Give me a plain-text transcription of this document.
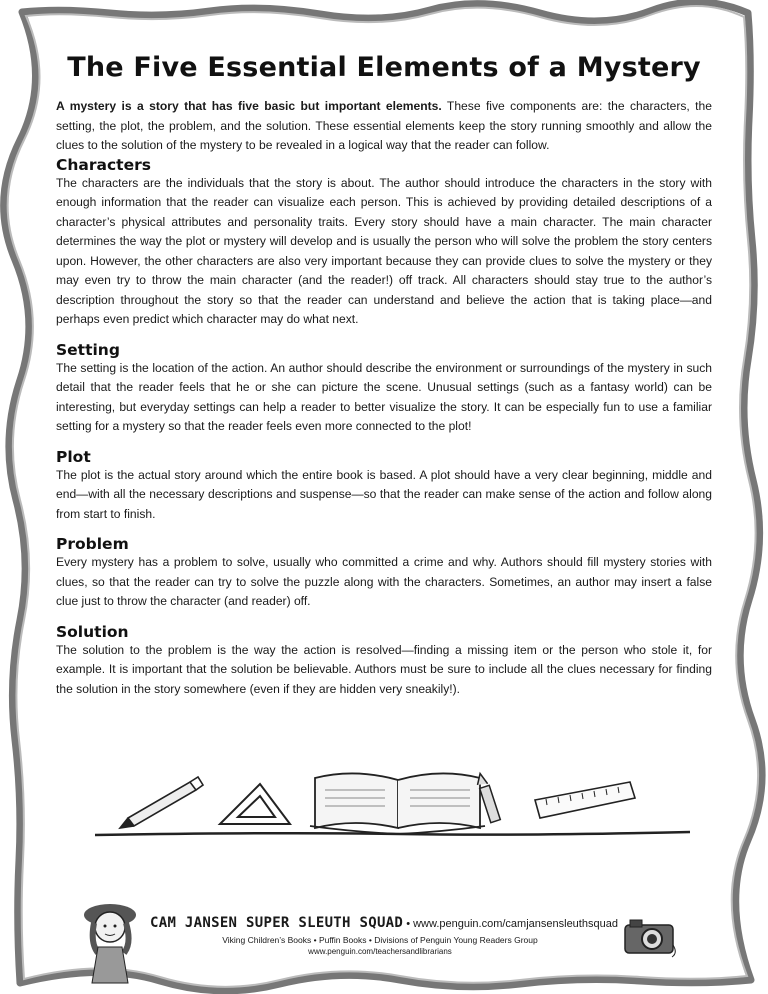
The Five Essential Elements of a Mystery

A mystery is a story that has five basic but important elements. These five components are: the characters, the setting, the plot, the problem, and the solution. These essential elements keep the story running smoothly and allow the clues to the solution of the mystery to be revealed in a logical way that the reader can follow.

Characters

The characters are the individuals that the story is about. The author should introduce the characters in the story with enough information that the reader can visualize each person. This is achieved by providing detailed descriptions of a character’s physical attributes and personality traits. Every story should have a main character. The main character determines the way the plot or mystery will develop and is usually the person who will solve the problem the story centers upon. However, the other characters are also very important because they can provide clues to solve the mystery or they may even try to throw the main character (and the reader!) off track. All characters should stay true to the author’s description throughout the story so that the reader can understand and believe the action that is taking place—and perhaps even predict which character may do what next.

Setting

The setting is the location of the action. An author should describe the environment or surroundings of the mystery in such detail that the reader feels that he or she can picture the scene. Unusual settings (such as a fantasy world) can be interesting, but everyday settings can help a reader to better visualize the story. It can be especially fun to use a familiar setting for a mystery so that the reader feels even more connected to the plot!

Plot

The plot is the actual story around which the entire book is based. A plot should have a very clear beginning, middle and end—with all the necessary descriptions and suspense—so that the reader can make sense of the action and follow along from start to finish.

Problem

Every mystery has a problem to solve, usually who committed a crime and why. Authors should fill mystery stories with clues, so that the reader can try to solve the puzzle along with the characters. Sometimes, an author may insert a false clue just to throw the character (and reader) off.

Solution

The solution to the problem is the way the action is resolved—finding a missing item or the person who stole it, for example. It is important that the solution be believable. Authors must be sure to include all the clues necessary for finding the solution in the story somewhere (even if they are hidden very sneakily!).

CAM JANSEN SUPER SLEUTH SQUAD • www.penguin.com/camjansensleuthsquad
Viking Children’s Books • Puffin Books • Divisions of Penguin Young Readers Group
www.penguin.com/teachersandlibrarians
